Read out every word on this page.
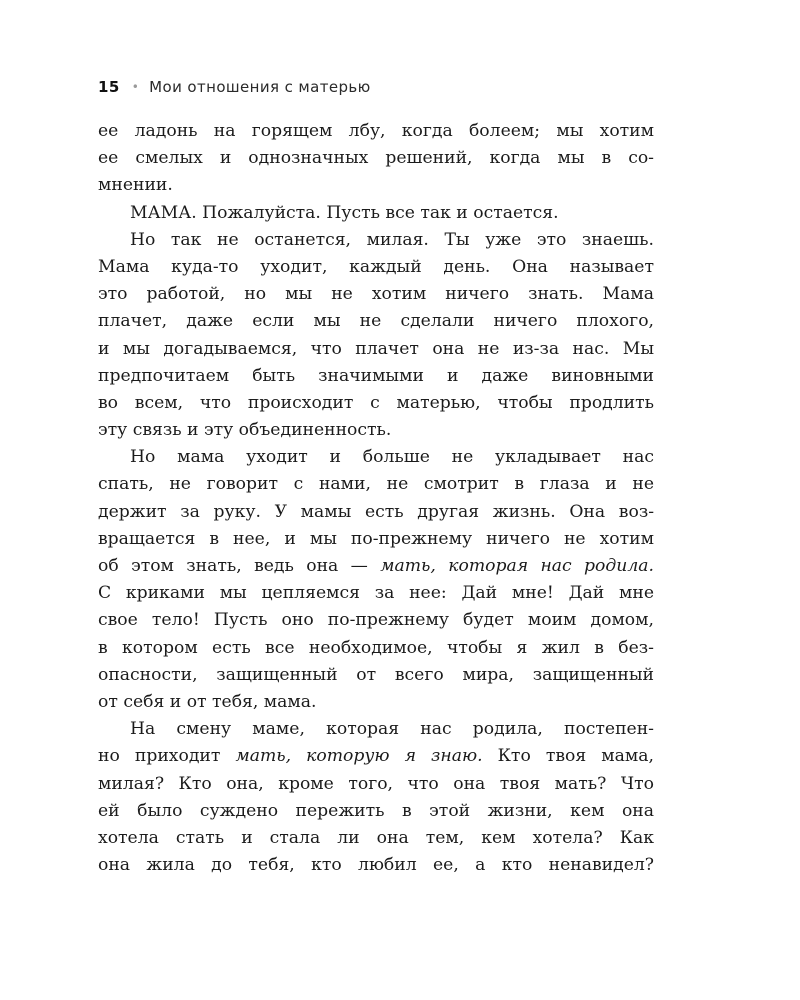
15 • Мои отношения с матерью
ее ладонь на горящем лбу, когда болеем; мы хотим
ее смелых и однозначных решений, когда мы в со-
мнении.
МАМА. Пожалуйста. Пусть все так и остается.
Но так не останется, милая. Ты уже это знаешь.
Мама куда-то уходит, каждый день. Она называет
это работой, но мы не хотим ничего знать. Мама
плачет, даже если мы не сделали ничего плохого,
и мы догадываемся, что плачет она не из-за нас. Мы
предпочитаем быть значимыми и даже виновными
во всем, что происходит с матерью, чтобы продлить
эту связь и эту объединенность.
Но мама уходит и больше не укладывает нас
спать, не говорит с нами, не смотрит в глаза и не
держит за руку. У мамы есть другая жизнь. Она воз-
вращается в нее, и мы по-прежнему ничего не хотим
об этом знать, ведь она — мать, которая нас родила.
С криками мы цепляемся за нее: Дай мне! Дай мне
свое тело! Пусть оно по-прежнему будет моим домом,
в котором есть все необходимое, чтобы я жил в без-
опасности, защищенный от всего мира, защищенный
от себя и от тебя, мама.
На смену маме, которая нас родила, постепен-
но приходит мать, которую я знаю. Кто твоя мама,
милая? Кто она, кроме того, что она твоя мать? Что
ей было суждено пережить в этой жизни, кем она
хотела стать и стала ли она тем, кем хотела? Как
она жила до тебя, кто любил ее, а кто ненавидел?
